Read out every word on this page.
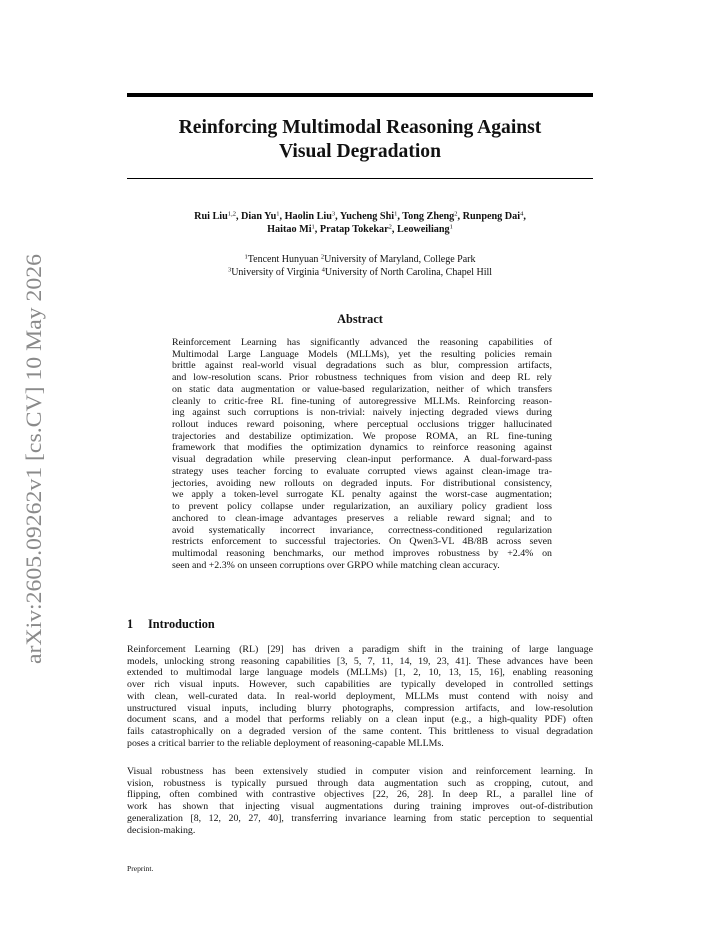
arXiv:2605.09262v1 [cs.CV] 10 May 2026
Reinforcing Multimodal Reasoning Against
Visual Degradation
Rui Liu$^{1,2}$, Dian Yu$^1$, Haolin Liu$^3$, Yucheng Shi$^1$, Tong Zheng$^2$, Runpeng Dai$^4$,
Haitao Mi$^1$, Pratap Tokekar$^2$, Leoweiliang$^1$
$^1$Tencent Hunyuan $^2$University of Maryland, College Park
$^3$University of Virginia $^4$University of North Carolina, Chapel Hill
Abstract
Reinforcement Learning has significantly advanced the reasoning capabilities of
Multimodal Large Language Models (MLLMs), yet the resulting policies remain
brittle against real-world visual degradations such as blur, compression artifacts,
and low-resolution scans. Prior robustness techniques from vision and deep RL rely
on static data augmentation or value-based regularization, neither of which transfers
cleanly to critic-free RL fine-tuning of autoregressive MLLMs. Reinforcing reason-
ing against such corruptions is non-trivial: naively injecting degraded views during
rollout induces reward poisoning, where perceptual occlusions trigger hallucinated
trajectories and destabilize optimization. We propose ROMA, an RL fine-tuning
framework that modifies the optimization dynamics to reinforce reasoning against
visual degradation while preserving clean-input performance. A dual-forward-pass
strategy uses teacher forcing to evaluate corrupted views against clean-image tra-
jectories, avoiding new rollouts on degraded inputs. For distributional consistency,
we apply a token-level surrogate KL penalty against the worst-case augmentation;
to prevent policy collapse under regularization, an auxiliary policy gradient loss
anchored to clean-image advantages preserves a reliable reward signal; and to
avoid systematically incorrect invariance, correctness-conditioned regularization
restricts enforcement to successful trajectories. On Qwen3-VL 4B/8B across seven
multimodal reasoning benchmarks, our method improves robustness by +2.4% on
seen and +2.3% on unseen corruptions over GRPO while matching clean accuracy.
1 Introduction
Reinforcement Learning (RL) [29] has driven a paradigm shift in the training of large language
models, unlocking strong reasoning capabilities [3, 5, 7, 11, 14, 19, 23, 41]. These advances have been
extended to multimodal large language models (MLLMs) [1, 2, 10, 13, 15, 16], enabling reasoning
over rich visual inputs. However, such capabilities are typically developed in controlled settings
with clean, well-curated data. In real-world deployment, MLLMs must contend with noisy and
unstructured visual inputs, including blurry photographs, compression artifacts, and low-resolution
document scans, and a model that performs reliably on a clean input (e.g., a high-quality PDF) often
fails catastrophically on a degraded version of the same content. This brittleness to visual degradation
poses a critical barrier to the reliable deployment of reasoning-capable MLLMs.
Visual robustness has been extensively studied in computer vision and reinforcement learning. In
vision, robustness is typically pursued through data augmentation such as cropping, cutout, and
flipping, often combined with contrastive objectives [22, 26, 28]. In deep RL, a parallel line of
work has shown that injecting visual augmentations during training improves out-of-distribution
generalization [8, 12, 20, 27, 40], transferring invariance learning from static perception to sequential
decision-making.
Preprint.
